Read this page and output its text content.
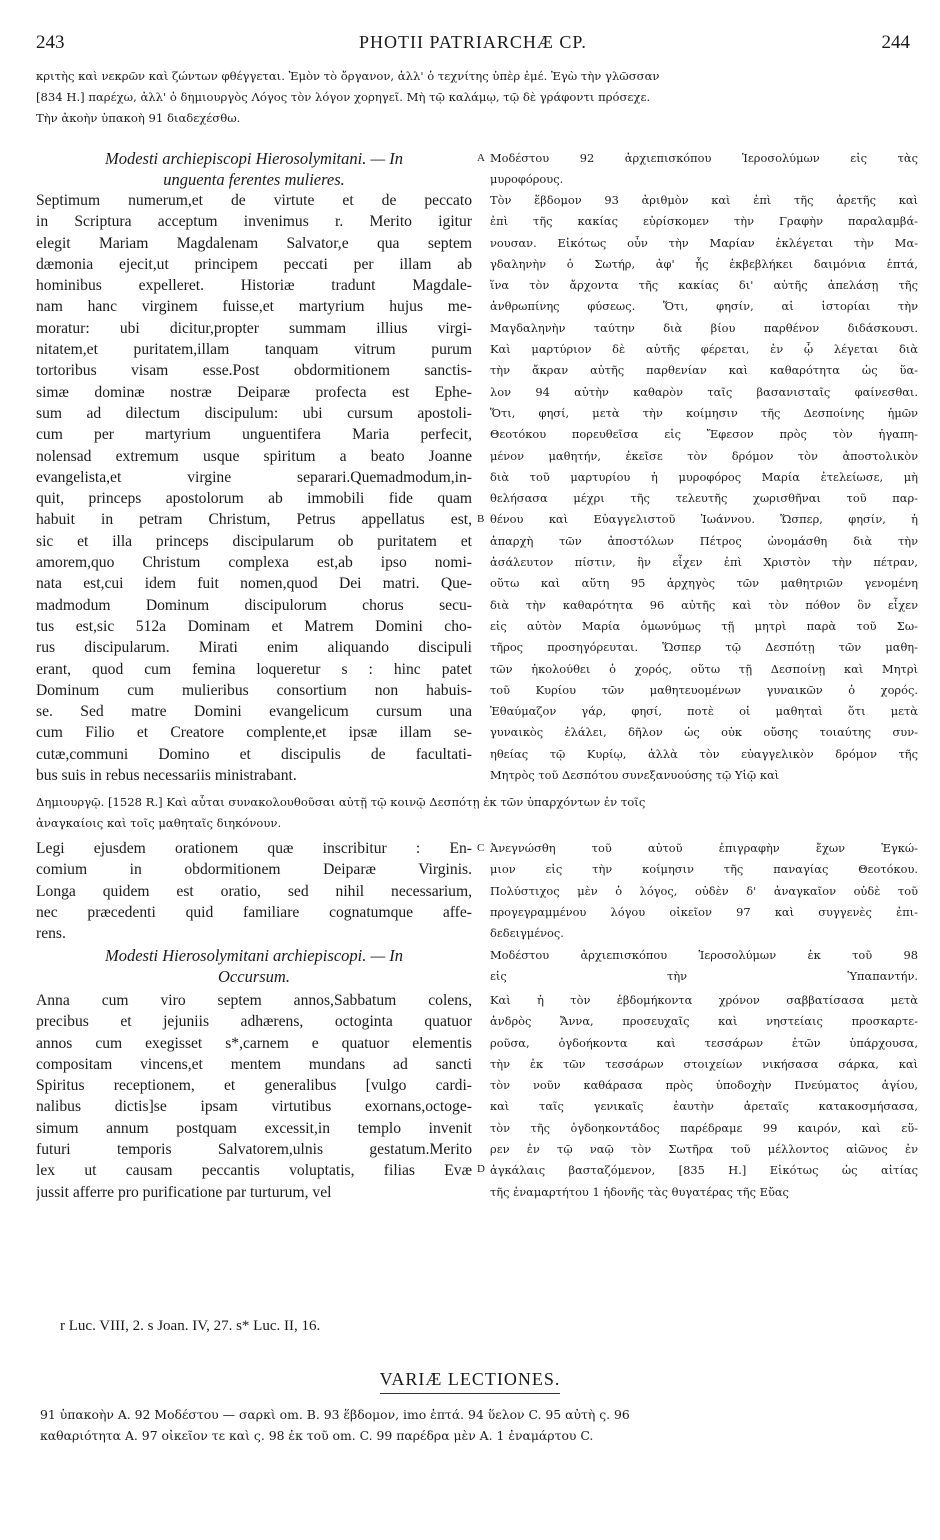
243	PHOTII PATRIARCHÆ CP.	244
κριτὴς καὶ νεκρῶν καὶ ζώντων φθέγγεται. Ἐμὸν τὸ ὄργανον, ἀλλ' ὁ τεχνίτης ὑπὲρ ἐμέ. Ἐγὼ τὴν γλῶσσαν
[834 H.] παρέχω, ἀλλ' ὁ δημιουργὸς Λόγος τὸν λόγον χορηγεῖ. Μὴ τῷ καλάμῳ, τῷ δὲ γράφοντι πρόσεχε.
Τὴν ἀκοὴν ὑπακοὴ 91 διαδεχέσθω.
Modesti archiepiscopi Hierosolymitani. — In
unguenta ferentes mulieres.
A Μοδέστου 92 ἀρχιεπισκόπου Ἱεροσολύμων εἰς τὰς
μυροφόρους.
Septimum numerum,et de virtute et de peccato
in Scriptura acceptum invenimus r. Merito igitur
elegit Mariam Magdalenam Salvator,e qua septem
dæmonia ejecit,ut principem peccati per illam ab
hominibus expelleret. Historiæ tradunt Magdale-
nam hanc virginem fuisse,et martyrium hujus me-
moratur: ubi dicitur,propter summam illius virgi-
nitatem,et puritatem,illam tanquam vitrum purum
tortoribus visam esse.Post obdormitionem sanctis-
simæ dominæ nostræ Deiparæ profecta est Ephe-
sum ad dilectum discipulum: ubi cursum apostoli-
cum per martyrium unguentifera Maria perfecit,
nolensad extremum usque spiritum a beato Joanne
evangelista,et virgine separari.Quemadmodum,in-
quit, princeps apostolorum ab immobili fide quam
habuit in petram Christum, Petrus appellatus est,
sic et illa princeps discipularum ob puritatem et
amorem,quo Christum complexa est,ab ipso nomi-
nata est,cui idem fuit nomen,quod Dei matri. Que-
madmodum Dominum discipulorum chorus secu-
tus est,sic 512a Dominam et Matrem Domini cho-
rus discipularum. Mirati enim aliquando discipuli
erant, quod cum femina loqueretur s : hinc patet
Dominum cum mulieribus consortium non habuis-
se. Sed matre Domini evangelicum cursum una
cum Filio et Creatore complente,et ipsæ illam se-
cutæ,communi Domino et discipulis de facultati-
bus suis in rebus necessariis ministrabant.
B
Τὸν ἕβδομον 93 ἀριθμὸν καὶ ἐπὶ τῆς ἀρετῆς καὶ
ἐπὶ τῆς κακίας εὑρίσκομεν τὴν Γραφὴν παραλαμβά-
νουσαν. Εἰκότως οὖν τὴν Μαρίαν ἐκλέγεται τὴν Μα-
γδαληνὴν ὁ Σωτήρ, ἀφ' ἧς ἐκβεβλήκει δαιμόνια ἑπτά,
ἵνα τὸν ἄρχοντα τῆς κακίας δι' αὐτῆς ἀπελάσῃ τῆς
ἀνθρωπίνης φύσεως. Ὅτι, φησίν, αἱ ἱστορίαι τὴν
Μαγδαληνὴν ταύτην διὰ βίου παρθένον διδάσκουσι.
Καὶ μαρτύριον δὲ αὐτῆς φέρεται, ἐν ᾧ λέγεται διὰ
τὴν ἄκραν αὐτῆς παρθενίαν καὶ καθαρότητα ὡς ὕα-
λον 94 αὐτὴν καθαρὸν ταῖς βασανισταῖς φαίνεσθαι.
Ὅτι, φησί, μετὰ τὴν κοίμησιν τῆς Δεσποίνης ἡμῶν
Θεοτόκου πορευθεῖσα εἰς Ἔφεσον πρὸς τὸν ἠγαπη-
μένον μαθητήν, ἐκεῖσε τὸν δρόμον τὸν ἀποστολικὸν
διὰ τοῦ μαρτυρίου ἡ μυροφόρος Μαρία ἐτελείωσε, μὴ
θελήσασα μέχρι τῆς τελευτῆς χωρισθῆναι τοῦ παρ-
θένου καὶ Εὐαγγελιστοῦ Ἰωάννου. Ὥσπερ, φησίν, ἡ
ἀπαρχὴ τῶν ἀποστόλων Πέτρος ὠνομάσθη διὰ τὴν
ἀσάλευτον πίστιν, ἣν εἶχεν ἐπὶ Χριστὸν τὴν πέτραν,
οὕτω καὶ αὕτη 95 ἀρχηγὸς τῶν μαθητριῶν γενομένη
διὰ τὴν καθαρότητα 96 αὐτῆς καὶ τὸν πόθον ὃν εἶχεν
εἰς αὐτὸν Μαρία ὁμωνύμως τῇ μητρὶ παρὰ τοῦ Σω-
τῆρος προσηγόρευται. Ὥσπερ τῷ Δεσπότῃ τῶν μαθη-
τῶν ἠκολούθει ὁ χορός, οὕτω τῇ Δεσποίνῃ καὶ Μητρὶ
τοῦ Κυρίου τῶν μαθητευομένων γυναικῶν ὁ χορός.
Ἐθαύμαζον γάρ, φησί, ποτὲ οἱ μαθηταὶ ὅτι μετὰ
γυναικὸς ἐλάλει, δῆλον ὡς οὐκ οὔσης τοιαύτης συν-
ηθείας τῷ Κυρίῳ, ἀλλὰ τὸν εὐαγγελικὸν δρόμον τῆς
Μητρὸς τοῦ Δεσπότου συνεξανυούσης τῷ Υἱῷ καὶ
Δημιουργῷ. [1528 R.] Καὶ αὗται συνακολουθοῦσαι αὐτῇ τῷ κοινῷ Δεσπότῃ ἐκ τῶν ὑπαρχόντων ἐν τοῖς
ἀναγκαίοις καὶ τοῖς μαθηταῖς διηκόνουν.
Legi ejusdem orationem quæ inscribitur : En-
comium in obdormitionem Deiparæ Virginis.
Longa quidem est oratio, sed nihil necessarium,
nec præcedenti quid familiare cognatumque affe-
rens.
C Ἀνεγνώσθη τοῦ αὐτοῦ ἐπιγραφὴν ἔχων Ἐγκώ-
μιον εἰς τὴν κοίμησιν τῆς παναγίας Θεοτόκου.
Πολύστιχος μὲν ὁ λόγος, οὐδὲν δ' ἀναγκαῖον οὐδὲ τοῦ
προγεγραμμένου λόγου οἰκεῖον 97 καὶ συγγενὲς ἐπι-
δεδειγμένος.
Modesti Hierosolymitani archiepiscopi. — In
Occursum.
Μοδέστου ἀρχιεπισκόπου Ἱεροσολύμων ἐκ τοῦ 98
εἰς τὴν Ὑπαπαντήν.
Anna cum viro septem annos,Sabbatum colens,
precibus et jejuniis adhærens, octoginta quatuor
annos cum exegisset s*,carnem e quatuor elementis
compositam vincens,et mentem mundans ad sancti
Spiritus receptionem, et generalibus [vulgo cardi-
nalibus dictis]se ipsam virtutibus exornans,octoge-
simum annum postquam excessit,in templo invenit
futuri temporis Salvatorem,ulnis gestatum.Merito
lex ut causam peccantis voluptatis, filias Evæ
jussit afferre pro purificatione par turturum, vel
D
Καὶ ἡ τὸν ἑβδομήκοντα χρόνον σαββατίσασα μετὰ
ἀνδρὸς Ἄννα, προσευχαῖς καὶ νηστείαις προσκαρτε-
ροῦσα, ὀγδοήκοντα καὶ τεσσάρων ἐτῶν ὑπάρχουσα,
τὴν ἐκ τῶν τεσσάρων στοιχείων νικήσασα σάρκα, καὶ
τὸν νοῦν καθάρασα πρὸς ὑποδοχὴν Πνεύματος ἁγίου,
καὶ ταῖς γενικαῖς ἑαυτὴν ἀρεταῖς κατακοσμήσασα,
τὸν τῆς ὀγδοηκοντάδος παρέδραμε 99 καιρόν, καὶ εὕ-
ρεν ἐν τῷ ναῷ τὸν Σωτῆρα τοῦ μέλλοντος αἰῶνος ἐν
ἀγκάλαις βασταζόμενον, [835 H.] Εἰκότως ὡς αἰτίας
τῆς ἐναμαρτήτου 1 ἡδονῆς τὰς θυγατέρας τῆς Εὔας
r Luc. VIII, 2. s Joan. IV, 27. s* Luc. II, 16.
VARIÆ LECTIONES.
91 ὑπακοὴν A. 92 Μοδέστου — σαρκὶ om. B. 93 ἕβδομον, imo ἑπτά. 94 ὕελον C. 95 αὐτὴ ς. 96
καθαριότητα A. 97 οἰκεῖον τε καὶ ς. 98 ἐκ τοῦ om. C. 99 παρέδρα μὲν A. 1 ἐναμάρτου C.
